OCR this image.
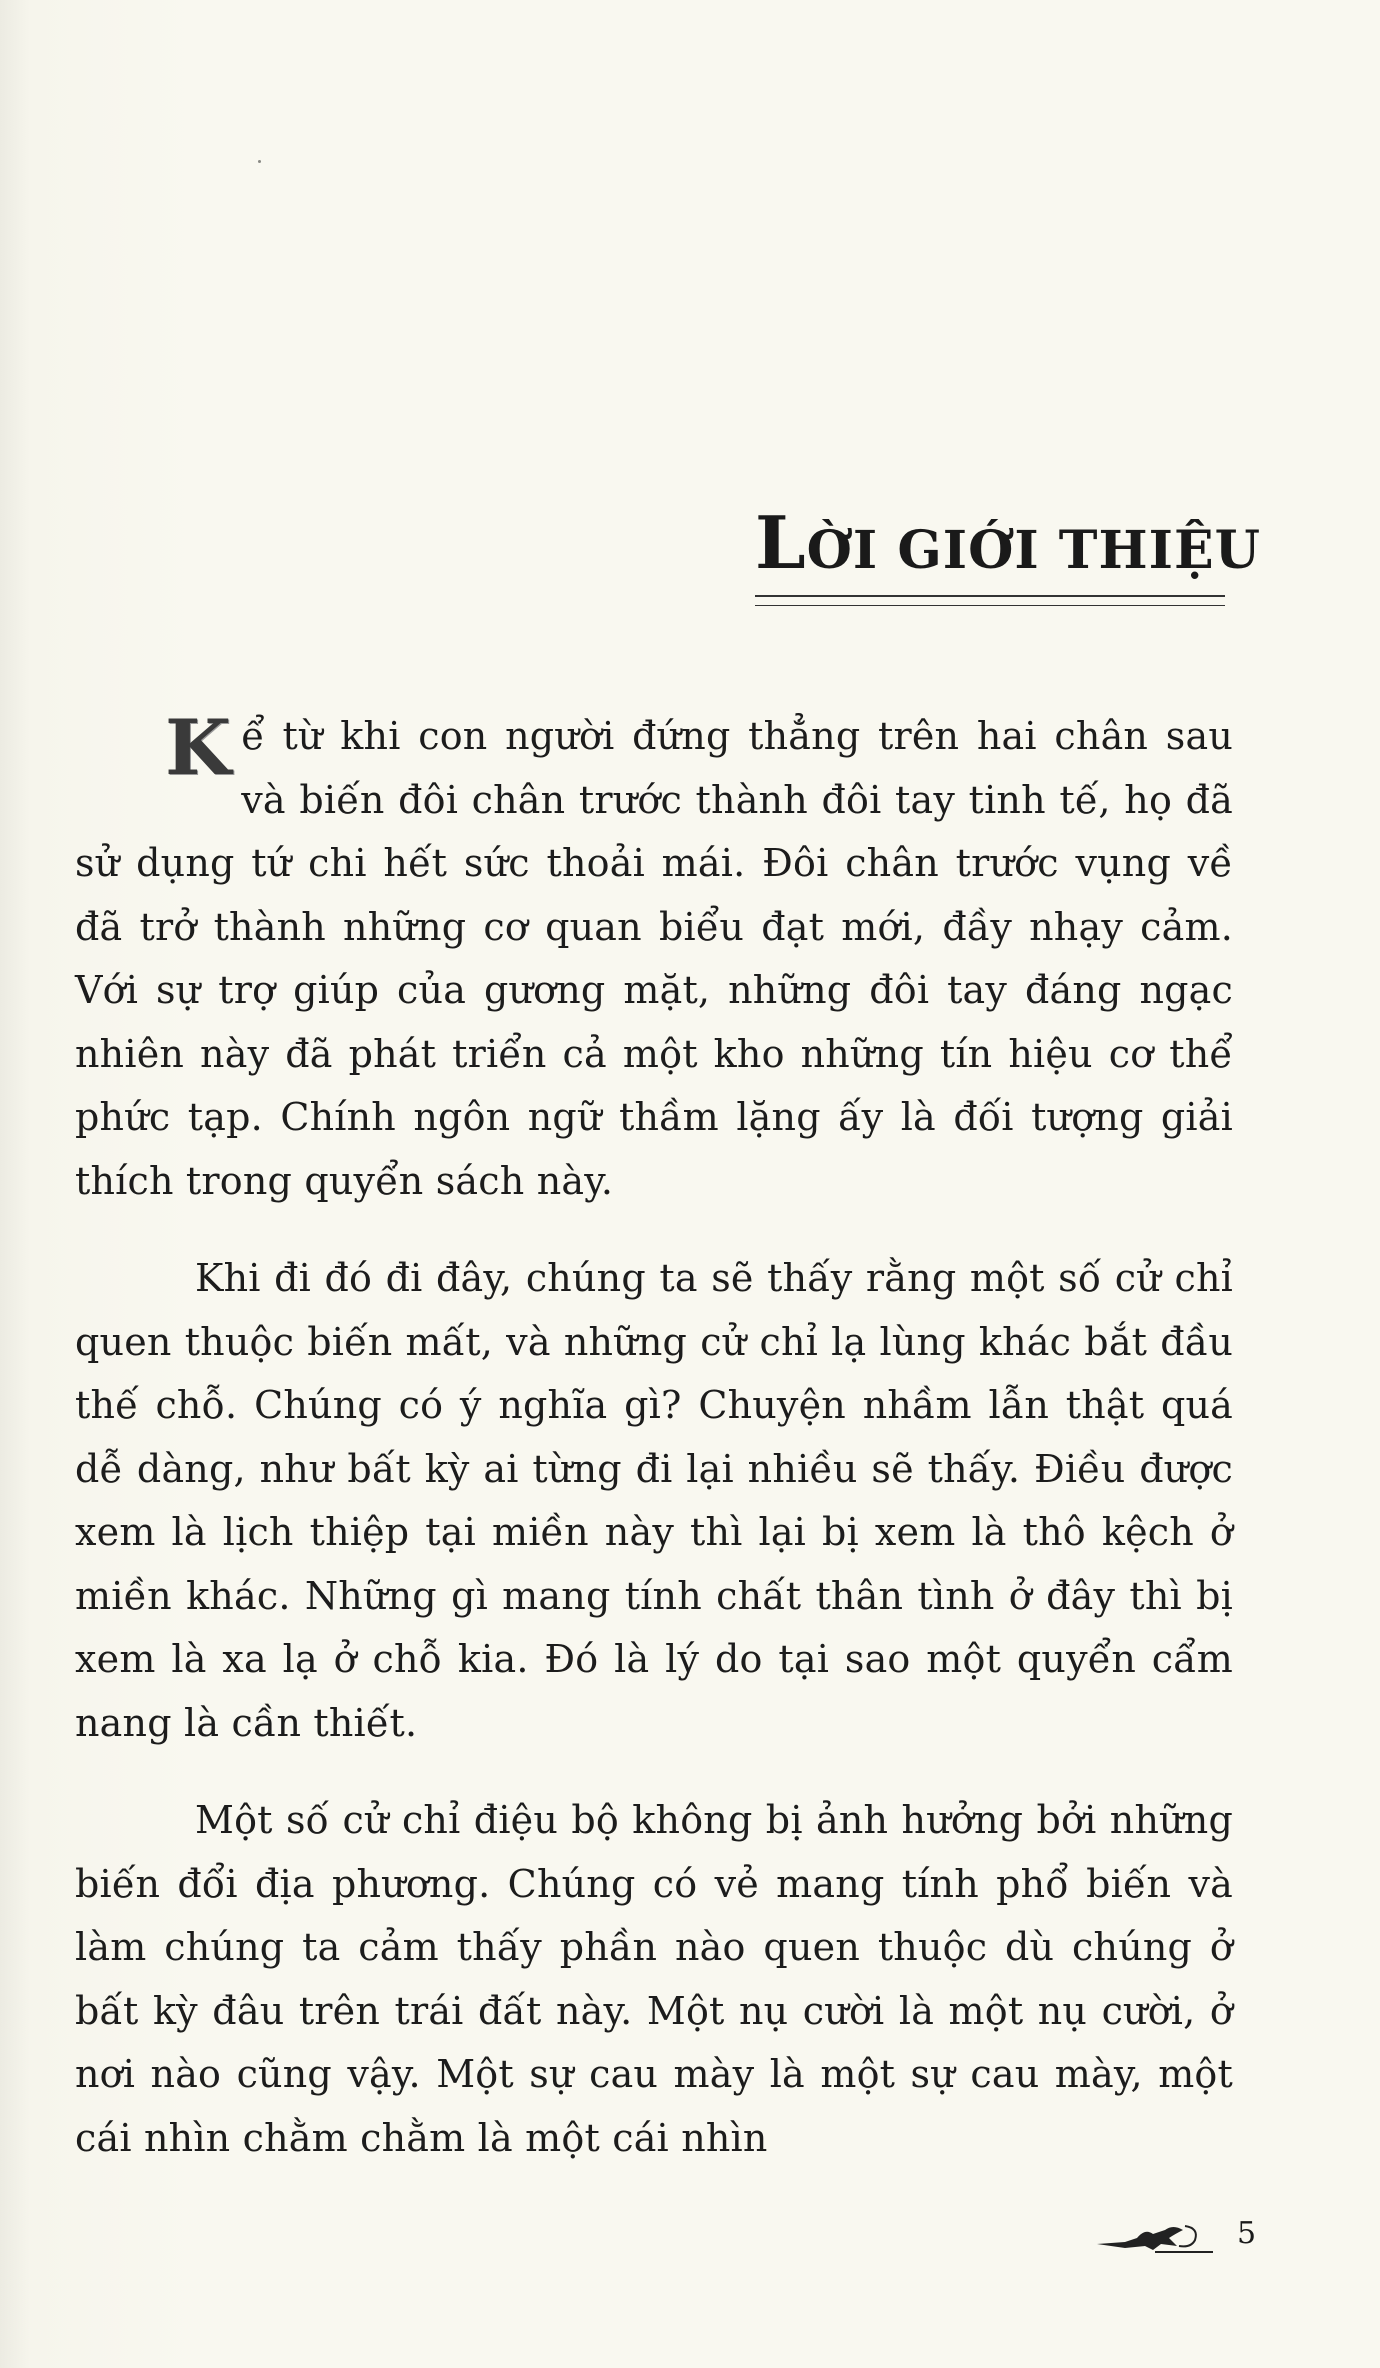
LỜI GIỚI THIỆU

Kể từ khi con người đứng thẳng trên hai chân sau và biến đôi chân trước thành đôi tay tinh tế, họ đã sử dụng tứ chi hết sức thoải mái. Đôi chân trước vụng về đã trở thành những cơ quan biểu đạt mới, đầy nhạy cảm. Với sự trợ giúp của gương mặt, những đôi tay đáng ngạc nhiên này đã phát triển cả một kho những tín hiệu cơ thể phức tạp. Chính ngôn ngữ thầm lặng ấy là đối tượng giải thích trong quyển sách này.

Khi đi đó đi đây, chúng ta sẽ thấy rằng một số cử chỉ quen thuộc biến mất, và những cử chỉ lạ lùng khác bắt đầu thế chỗ. Chúng có ý nghĩa gì? Chuyện nhầm lẫn thật quá dễ dàng, như bất kỳ ai từng đi lại nhiều sẽ thấy. Điều được xem là lịch thiệp tại miền này thì lại bị xem là thô kệch ở miền khác. Những gì mang tính chất thân tình ở đây thì bị xem là xa lạ ở chỗ kia. Đó là lý do tại sao một quyển cẩm nang là cần thiết.

Một số cử chỉ điệu bộ không bị ảnh hưởng bởi những biến đổi địa phương. Chúng có vẻ mang tính phổ biến và làm chúng ta cảm thấy phần nào quen thuộc dù chúng ở bất kỳ đâu trên trái đất này. Một nụ cười là một nụ cười, ở nơi nào cũng vậy. Một sự cau mày là một sự cau mày, một cái nhìn chằm chằm là một cái nhìn

5
